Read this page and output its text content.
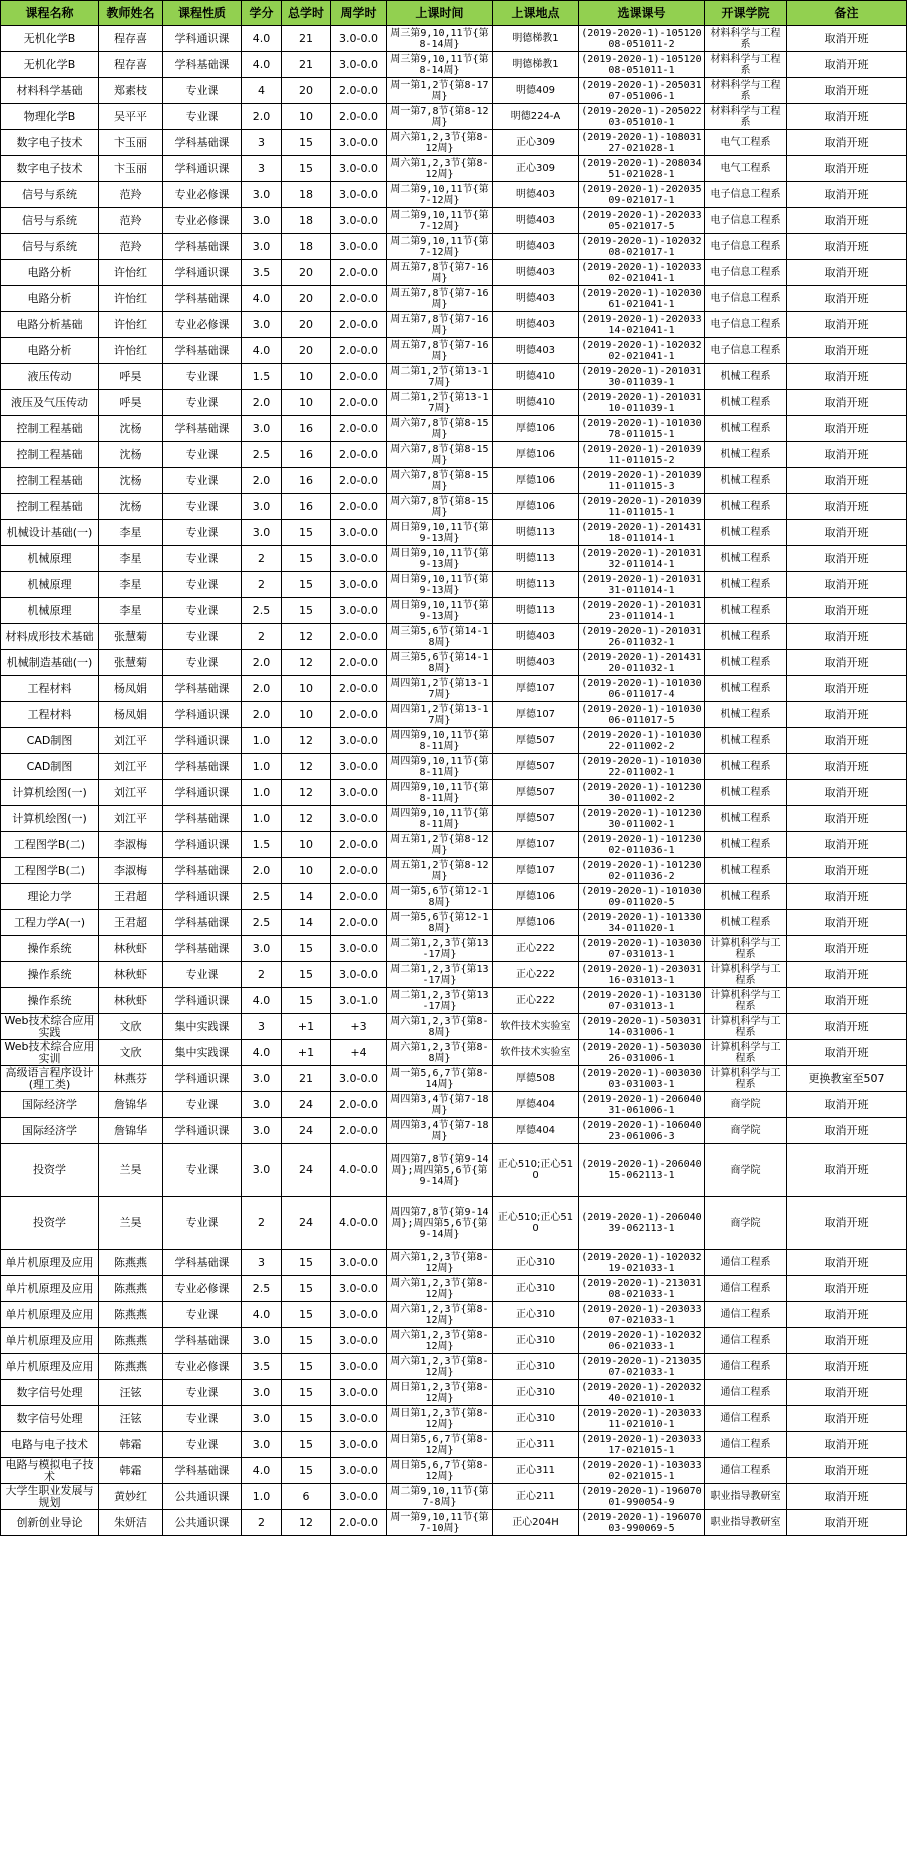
课程名称	教师姓名	课程性质	学分	总学时	周学时	上课时间	上课地点	选课课号	开课学院	备注
无机化学B	程存喜	学科通识课	4.0	21	3.0-0.0	周三第9,10,11节{第8-14周}	明德梯教1	(2019-2020-1)-10512008-051011-2	材料科学与工程系	取消开班
无机化学B	程存喜	学科基础课	4.0	21	3.0-0.0	周三第9,10,11节{第8-14周}	明德梯教1	(2019-2020-1)-10512008-051011-1	材料科学与工程系	取消开班
材料科学基础	郑素枝	专业课	4	20	2.0-0.0	周一第1,2节{第8-17周}	明德409	(2019-2020-1)-20503107-051006-1	材料科学与工程系	取消开班
物理化学B	吴平平	专业课	2.0	10	2.0-0.0	周一第7,8节{第8-12周}	明德224-A	(2019-2020-1)-20502203-051010-1	材料科学与工程系	取消开班
数字电子技术	卞玉丽	学科基础课	3	15	3.0-0.0	周六第1,2,3节{第8-12周}	正心309	(2019-2020-1)-10803127-021028-1	电气工程系	取消开班
数字电子技术	卞玉丽	学科通识课	3	15	3.0-0.0	周六第1,2,3节{第8-12周}	正心309	(2019-2020-1)-20803451-021028-1	电气工程系	取消开班
信号与系统	范羚	专业必修课	3.0	18	3.0-0.0	周二第9,10,11节{第7-12周}	明德403	(2019-2020-1)-20203509-021017-1	电子信息工程系	取消开班
信号与系统	范羚	专业必修课	3.0	18	3.0-0.0	周二第9,10,11节{第7-12周}	明德403	(2019-2020-1)-20203305-021017-5	电子信息工程系	取消开班
信号与系统	范羚	学科基础课	3.0	18	3.0-0.0	周二第9,10,11节{第7-12周}	明德403	(2019-2020-1)-10203208-021017-1	电子信息工程系	取消开班
电路分析	许怡红	学科通识课	3.5	20	2.0-0.0	周五第7,8节{第7-16周}	明德403	(2019-2020-1)-10203302-021041-1	电子信息工程系	取消开班
电路分析	许怡红	学科基础课	4.0	20	2.0-0.0	周五第7,8节{第7-16周}	明德403	(2019-2020-1)-10203061-021041-1	电子信息工程系	取消开班
电路分析基础	许怡红	专业必修课	3.0	20	2.0-0.0	周五第7,8节{第7-16周}	明德403	(2019-2020-1)-20203314-021041-1	电子信息工程系	取消开班
电路分析	许怡红	学科基础课	4.0	20	2.0-0.0	周五第7,8节{第7-16周}	明德403	(2019-2020-1)-10203202-021041-1	电子信息工程系	取消开班
液压传动	呼昊	专业课	1.5	10	2.0-0.0	周二第1,2节{第13-17周}	明德410	(2019-2020-1)-20103130-011039-1	机械工程系	取消开班
液压及气压传动	呼昊	专业课	2.0	10	2.0-0.0	周二第1,2节{第13-17周}	明德410	(2019-2020-1)-20103110-011039-1	机械工程系	取消开班
控制工程基础	沈杨	学科基础课	3.0	16	2.0-0.0	周六第7,8节{第8-15周}	厚德106	(2019-2020-1)-10103078-011015-1	机械工程系	取消开班
控制工程基础	沈杨	专业课	2.5	16	2.0-0.0	周六第7,8节{第8-15周}	厚德106	(2019-2020-1)-20103911-011015-2	机械工程系	取消开班
控制工程基础	沈杨	专业课	2.0	16	2.0-0.0	周六第7,8节{第8-15周}	厚德106	(2019-2020-1)-20103911-011015-3	机械工程系	取消开班
控制工程基础	沈杨	专业课	3.0	16	2.0-0.0	周六第7,8节{第8-15周}	厚德106	(2019-2020-1)-20103911-011015-1	机械工程系	取消开班
机械设计基础(一)	李星	专业课	3.0	15	3.0-0.0	周日第9,10,11节{第9-13周}	明德113	(2019-2020-1)-20143118-011014-1	机械工程系	取消开班
机械原理	李星	专业课	2	15	3.0-0.0	周日第9,10,11节{第9-13周}	明德113	(2019-2020-1)-20103132-011014-1	机械工程系	取消开班
机械原理	李星	专业课	2	15	3.0-0.0	周日第9,10,11节{第9-13周}	明德113	(2019-2020-1)-20103131-011014-1	机械工程系	取消开班
机械原理	李星	专业课	2.5	15	3.0-0.0	周日第9,10,11节{第9-13周}	明德113	(2019-2020-1)-20103123-011014-1	机械工程系	取消开班
材料成形技术基础	张慧菊	专业课	2	12	2.0-0.0	周三第5,6节{第14-18周}	明德403	(2019-2020-1)-20103126-011032-1	机械工程系	取消开班
机械制造基础(一)	张慧菊	专业课	2.0	12	2.0-0.0	周三第5,6节{第14-18周}	明德403	(2019-2020-1)-20143120-011032-1	机械工程系	取消开班
工程材料	杨凤娟	学科基础课	2.0	10	2.0-0.0	周四第1,2节{第13-17周}	厚德107	(2019-2020-1)-10103006-011017-4	机械工程系	取消开班
工程材料	杨凤娟	学科通识课	2.0	10	2.0-0.0	周四第1,2节{第13-17周}	厚德107	(2019-2020-1)-10103006-011017-5	机械工程系	取消开班
CAD制图	刘江平	学科通识课	1.0	12	3.0-0.0	周四第9,10,11节{第8-11周}	厚德507	(2019-2020-1)-10103022-011002-2	机械工程系	取消开班
CAD制图	刘江平	学科基础课	1.0	12	3.0-0.0	周四第9,10,11节{第8-11周}	厚德507	(2019-2020-1)-10103022-011002-1	机械工程系	取消开班
计算机绘图(一)	刘江平	学科通识课	1.0	12	3.0-0.0	周四第9,10,11节{第8-11周}	厚德507	(2019-2020-1)-10123030-011002-2	机械工程系	取消开班
计算机绘图(一)	刘江平	学科基础课	1.0	12	3.0-0.0	周四第9,10,11节{第8-11周}	厚德507	(2019-2020-1)-10123030-011002-1	机械工程系	取消开班
工程图学B(二)	李淑梅	学科通识课	1.5	10	2.0-0.0	周五第1,2节{第8-12周}	厚德107	(2019-2020-1)-10123002-011036-1	机械工程系	取消开班
工程图学B(二)	李淑梅	学科基础课	2.0	10	2.0-0.0	周五第1,2节{第8-12周}	厚德107	(2019-2020-1)-10123002-011036-2	机械工程系	取消开班
理论力学	王君超	学科通识课	2.5	14	2.0-0.0	周一第5,6节{第12-18周}	厚德106	(2019-2020-1)-10103009-011020-5	机械工程系	取消开班
工程力学A(一)	王君超	学科基础课	2.5	14	2.0-0.0	周一第5,6节{第12-18周}	厚德106	(2019-2020-1)-10133034-011020-1	机械工程系	取消开班
操作系统	林秋虾	学科基础课	3.0	15	3.0-0.0	周二第1,2,3节{第13-17周}	正心222	(2019-2020-1)-10303007-031013-1	计算机科学与工程系	取消开班
操作系统	林秋虾	专业课	2	15	3.0-0.0	周二第1,2,3节{第13-17周}	正心222	(2019-2020-1)-20303116-031013-1	计算机科学与工程系	取消开班
操作系统	林秋虾	学科通识课	4.0	15	3.0-1.0	周二第1,2,3节{第13-17周}	正心222	(2019-2020-1)-10313007-031013-1	计算机科学与工程系	取消开班
Web技术综合应用实践	文欣	集中实践课	3	+1	+3	周六第1,2,3节{第8-8周}	软件技术实验室	(2019-2020-1)-50303114-031006-1	计算机科学与工程系	取消开班
Web技术综合应用实训	文欣	集中实践课	4.0	+1	+4	周六第1,2,3节{第8-8周}	软件技术实验室	(2019-2020-1)-50303026-031006-1	计算机科学与工程系	取消开班
高级语言程序设计(理工类)	林燕芬	学科通识课	3.0	21	3.0-0.0	周一第5,6,7节{第8-14周}	厚德508	(2019-2020-1)-00303003-031003-1	计算机科学与工程系	更换教室至507
国际经济学	詹锦华	专业课	3.0	24	2.0-0.0	周四第3,4节{第7-18周}	厚德404	(2019-2020-1)-20604031-061006-1	商学院	取消开班
国际经济学	詹锦华	学科通识课	3.0	24	2.0-0.0	周四第3,4节{第7-18周}	厚德404	(2019-2020-1)-10604023-061006-3	商学院	取消开班
投资学	兰昊	专业课	3.0	24	4.0-0.0	周四第7,8节{第9-14周};周四第5,6节{第9-14周}	正心510;正心510	(2019-2020-1)-20604015-062113-1	商学院	取消开班
投资学	兰昊	专业课	2	24	4.0-0.0	周四第7,8节{第9-14周};周四第5,6节{第9-14周}	正心510;正心510	(2019-2020-1)-20604039-062113-1	商学院	取消开班
单片机原理及应用	陈燕燕	学科基础课	3	15	3.0-0.0	周六第1,2,3节{第8-12周}	正心310	(2019-2020-1)-10203219-021033-1	通信工程系	取消开班
单片机原理及应用	陈燕燕	专业必修课	2.5	15	3.0-0.0	周六第1,2,3节{第8-12周}	正心310	(2019-2020-1)-21303108-021033-1	通信工程系	取消开班
单片机原理及应用	陈燕燕	专业课	4.0	15	3.0-0.0	周六第1,2,3节{第8-12周}	正心310	(2019-2020-1)-20303307-021033-1	通信工程系	取消开班
单片机原理及应用	陈燕燕	学科基础课	3.0	15	3.0-0.0	周六第1,2,3节{第8-12周}	正心310	(2019-2020-1)-10203206-021033-1	通信工程系	取消开班
单片机原理及应用	陈燕燕	专业必修课	3.5	15	3.0-0.0	周六第1,2,3节{第8-12周}	正心310	(2019-2020-1)-21303507-021033-1	通信工程系	取消开班
数字信号处理	汪铉	专业课	3.0	15	3.0-0.0	周日第1,2,3节{第8-12周}	正心310	(2019-2020-1)-20203240-021010-1	通信工程系	取消开班
数字信号处理	汪铉	专业课	3.0	15	3.0-0.0	周日第1,2,3节{第8-12周}	正心310	(2019-2020-1)-20303311-021010-1	通信工程系	取消开班
电路与电子技术	韩霜	专业课	3.0	15	3.0-0.0	周日第5,6,7节{第8-12周}	正心311	(2019-2020-1)-20303317-021015-1	通信工程系	取消开班
电路与模拟电子技术	韩霜	学科基础课	4.0	15	3.0-0.0	周日第5,6,7节{第8-12周}	正心311	(2019-2020-1)-10303302-021015-1	通信工程系	取消开班
大学生职业发展与规划	黄妙红	公共通识课	1.0	6	3.0-0.0	周二第9,10,11节{第7-8周}	正心211	(2019-2020-1)-19607001-990054-9	职业指导教研室	取消开班
创新创业导论	朱妍洁	公共通识课	2	12	2.0-0.0	周一第9,10,11节{第7-10周}	正心204H	(2019-2020-1)-19607003-990069-5	职业指导教研室	取消开班
